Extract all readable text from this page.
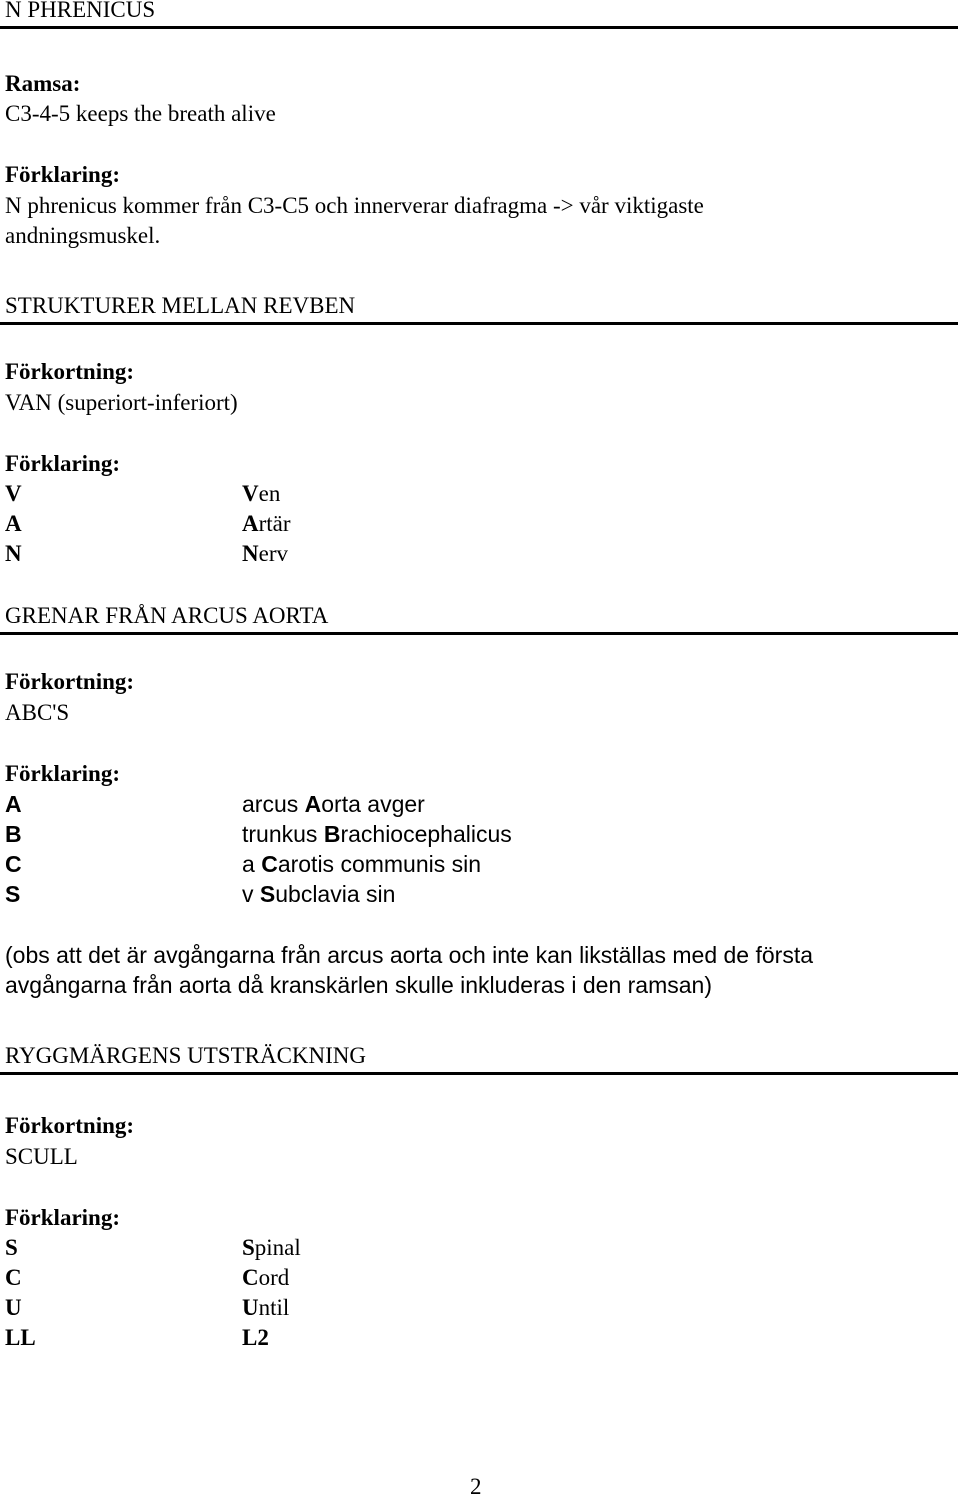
N PHRENICUS
Ramsa:
C3-4-5 keeps the breath alive
Förklaring:
N phrenicus kommer från C3-C5 och innerverar diafragma -> vår viktigaste
andningsmuskel.
STRUKTURER MELLAN REVBEN
Förkortning:
VAN (superiort-inferiort)
Förklaring:
V	Ven
A	Artär
N	Nerv
GRENAR FRÅN ARCUS AORTA
Förkortning:
ABC'S
Förklaring:
A	arcus Aorta avger
B	trunkus Brachiocephalicus
C	a Carotis communis sin
S	v Subclavia sin
(obs att det är avgångarna från arcus aorta och inte kan likställas med de första
avgångarna från aorta då kranskärlen skulle inkluderas i den ramsan)
RYGGMÄRGENS UTSTRÄCKNING
Förkortning:
SCULL
Förklaring:
S	Spinal
C	Cord
U	Until
LL	L2
2
